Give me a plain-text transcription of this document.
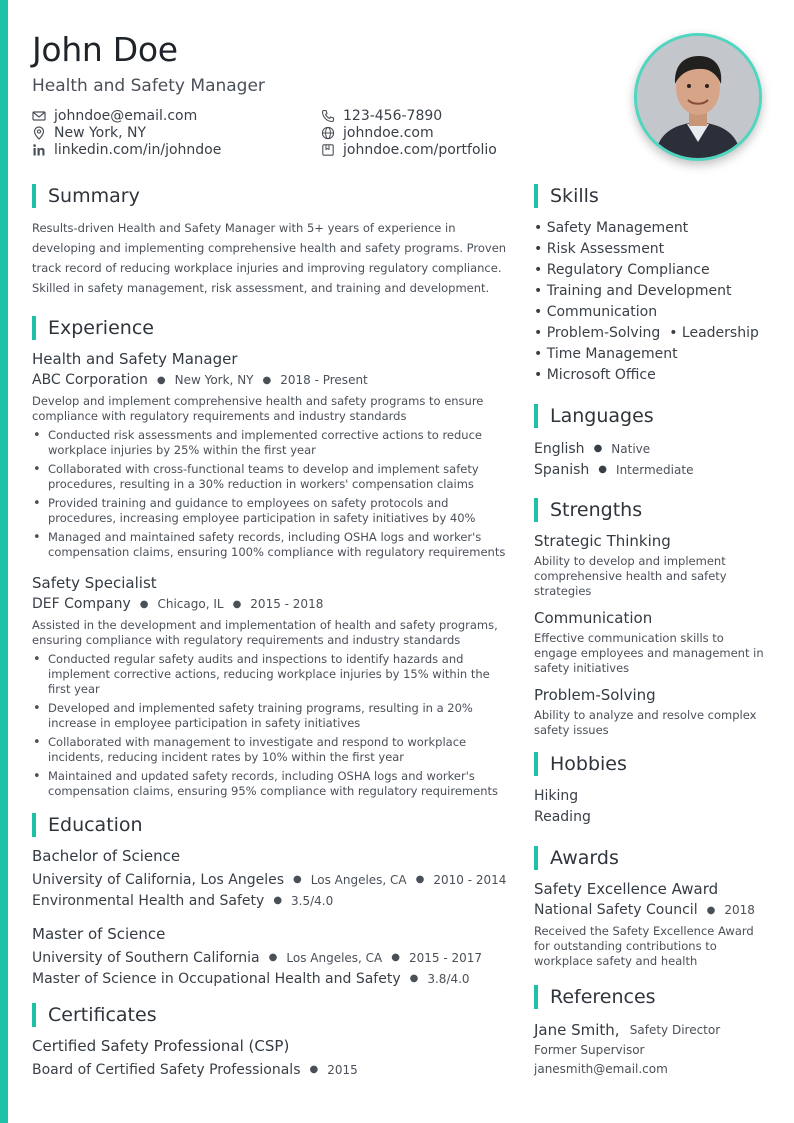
John Doe
Health and Safety Manager
johndoe@email.com	123-456-7890
New York, NY	johndoe.com
linkedin.com/in/johndoe	johndoe.com/portfolio
Summary

Results-driven Health and Safety Manager with 5+ years of experience in developing and implementing comprehensive health and safety programs. Proven track record of reducing workplace injuries and improving regulatory compliance. Skilled in safety management, risk assessment, and training and development.

Experience
Health and Safety Manager
ABC Corporation ● New York, NY ● 2018 - Present

Develop and implement comprehensive health and safety programs to ensure compliance with regulatory requirements and industry standards

• Conducted risk assessments and implemented corrective actions to reduce workplace injuries by 25% within the first year
• Collaborated with cross-functional teams to develop and implement safety procedures, resulting in a 30% reduction in workers' compensation claims
• Provided training and guidance to employees on safety protocols and procedures, increasing employee participation in safety initiatives by 40%
• Managed and maintained safety records, including OSHA logs and worker's compensation claims, ensuring 100% compliance with regulatory requirements
Safety Specialist
DEF Company ● Chicago, IL ● 2015 - 2018

Assisted in the development and implementation of health and safety programs, ensuring compliance with regulatory requirements and industry standards

• Conducted regular safety audits and inspections to identify hazards and implement corrective actions, reducing workplace injuries by 15% within the first year
• Developed and implemented safety training programs, resulting in a 20% increase in employee participation in safety initiatives
• Collaborated with management to investigate and respond to workplace incidents, reducing incident rates by 10% within the first year
• Maintained and updated safety records, including OSHA logs and worker's compensation claims, ensuring 95% compliance with regulatory requirements
Education
Bachelor of Science
University of California, Los Angeles ● Los Angeles, CA ● 2010 - 2014
Environmental Health and Safety ● 3.5/4.0
Master of Science
University of Southern California ● Los Angeles, CA ● 2015 - 2017
Master of Science in Occupational Health and Safety ● 3.8/4.0
Certificates
Certified Safety Professional (CSP)
Board of Certified Safety Professionals ● 2015
Skills
• Safety Management
• Risk Assessment
• Regulatory Compliance
• Training and Development
• Communication
• Problem-Solving  • Leadership
• Time Management
• Microsoft Office
Languages
English ● Native
Spanish ● Intermediate
Strengths
Strategic Thinking
Ability to develop and implement comprehensive health and safety strategies
Communication
Effective communication skills to engage employees and management in safety initiatives
Problem-Solving
Ability to analyze and resolve complex safety issues
Hobbies
Hiking
Reading
Awards
Safety Excellence Award
National Safety Council ● 2018
Received the Safety Excellence Award for outstanding contributions to workplace safety and health
References
Jane Smith,
Safety Director
Former Supervisor
janesmith@email.com
